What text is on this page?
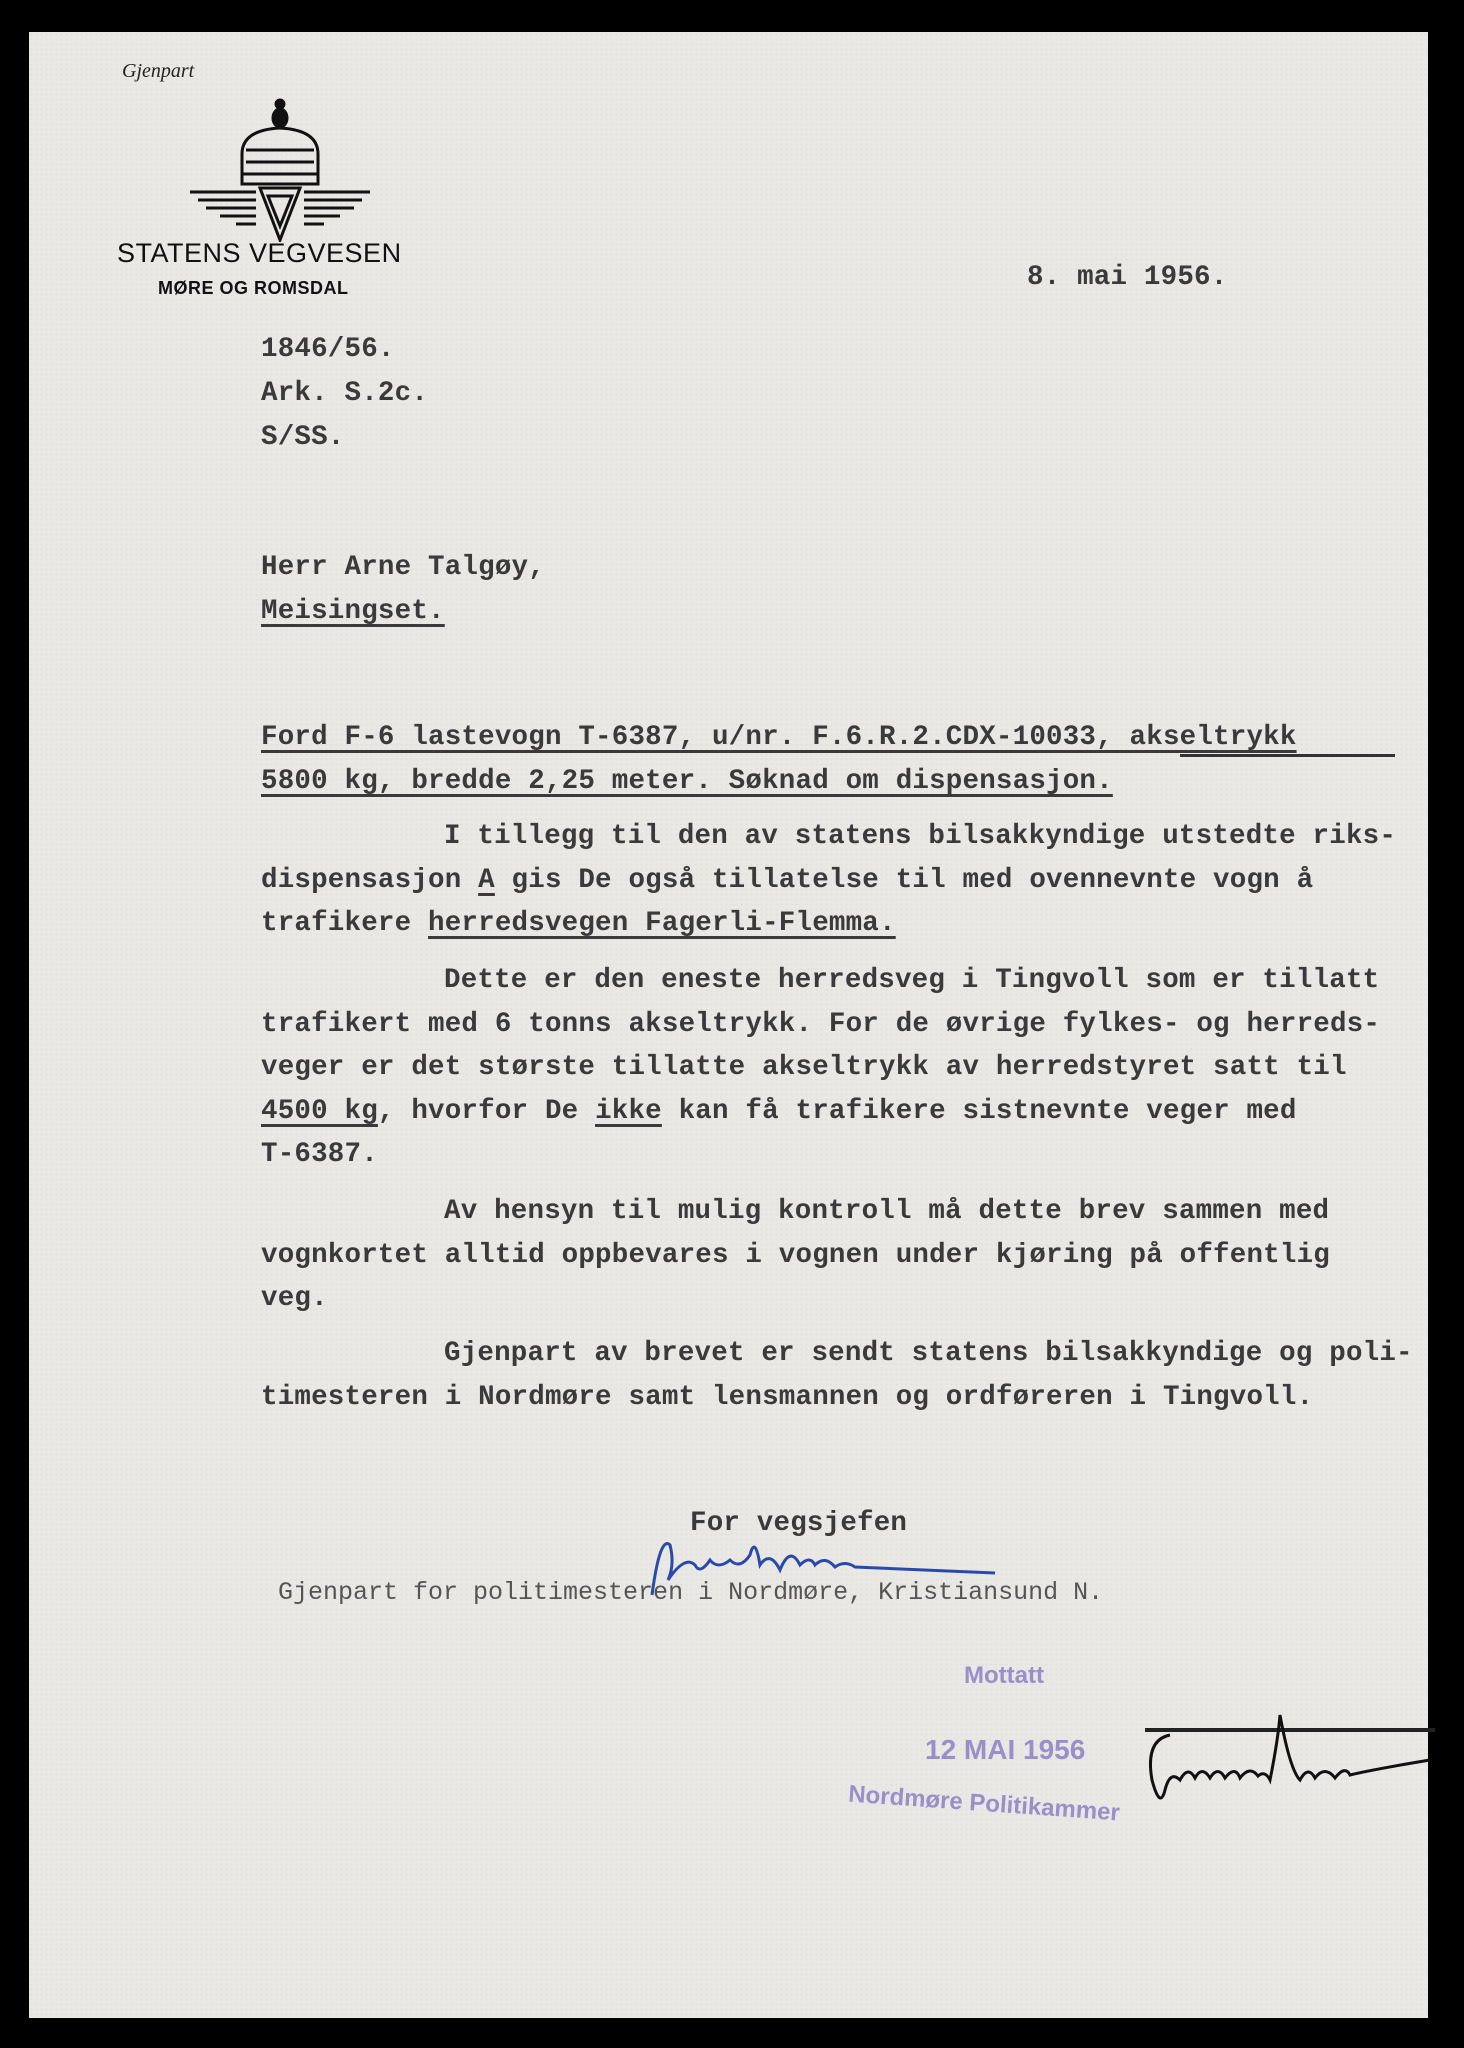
Gjenpart
STATENS VEGVESEN
MØRE OG ROMSDAL	8. mai 1956.
1846/56.
Ark. S.2c.
S/SS.
Herr Arne Talgøy,
Meisingset.
Ford F-6 lastevogn T-6387, u/nr. F.6.R.2.CDX-10033, akseltrykk
5800 kg, bredde 2,25 meter. Søknad om dispensasjon.
I tillegg til den av statens bilsakkyndige utstedte riks-
dispensasjon A gis De også tillatelse til med ovennevnte vogn å
trafikere herredsvegen Fagerli-Flemma.
Dette er den eneste herredsveg i Tingvoll som er tillatt
trafikert med 6 tonns akseltrykk. For de øvrige fylkes- og herreds-
veger er det største tillatte akseltrykk av herredstyret satt til
4500 kg, hvorfor De ikke kan få trafikere sistnevnte veger med
T-6387.
Av hensyn til mulig kontroll må dette brev sammen med
vognkortet alltid oppbevares i vognen under kjøring på offentlig
veg.
Gjenpart av brevet er sendt statens bilsakkyndige og poli-
timesteren i Nordmøre samt lensmannen og ordføreren i Tingvoll.
For vegsjefen
Gjenpart for politimesteren i Nordmøre, Kristiansund N.
Mottatt
12 MAI 1956
Nordmøre Politikammer
